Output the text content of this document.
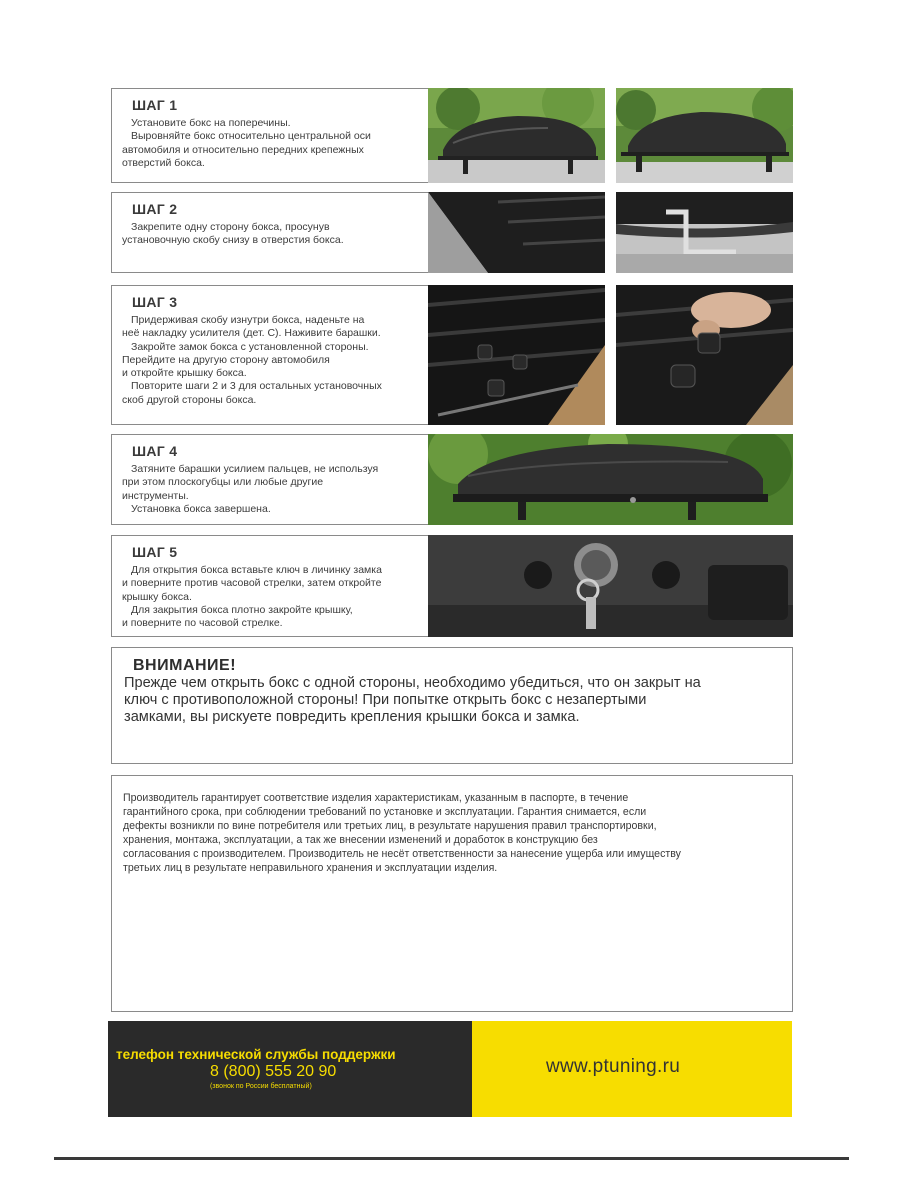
ШАГ 1
Установите бокс на поперечины.
Выровняйте бокс относительно центральной оси
автомобиля и относительно передних крепежных
отверстий бокса.
ШАГ 2
Закрепите одну сторону бокса, просунув
установочную скобу снизу в отверстия бокса.
ШАГ 3
Придерживая скобу изнутри бокса, наденьте на
неё накладку усилителя (дет. С). Наживите барашки.
Закройте замок бокса с установленной стороны.
Перейдите на другую сторону автомобиля
и откройте крышку бокса.
Повторите шаги 2 и 3 для остальных установочных
скоб другой стороны бокса.
ШАГ 4
Затяните барашки усилием пальцев, не используя
при этом плоскогубцы или любые другие
инструменты.
Установка бокса завершена.
ШАГ 5
Для открытия бокса вставьте ключ в личинку замка
и поверните против часовой стрелки, затем откройте
крышку бокса.
Для закрытия бокса плотно закройте крышку,
и поверните по часовой стрелке.
ВНИМАНИЕ!
Прежде чем открыть бокс с одной стороны, необходимо убедиться, что он закрыт на
ключ с противоположной стороны! При попытке открыть бокс с незапертыми
замками, вы рискуете повредить крепления крышки бокса и замка.
Производитель гарантирует соответствие изделия характеристикам, указанным в паспорте, в течение
гарантийного срока, при соблюдении требований по установке и эксплуатации. Гарантия снимается, если
дефекты возникли по вине потребителя или третьих лиц, в результате нарушения правил транспортировки,
хранения, монтажа, эксплуатации, а так же внесении изменений и доработок в конструкцию без
согласования с производителем. Производитель не несёт ответственности за нанесение ущерба или имуществу
третьих лиц в результате неправильного хранения и эксплуатации изделия.
телефон технической службы поддержки
8 (800) 555 20 90
(звонок по России бесплатный)
www.ptuning.ru
